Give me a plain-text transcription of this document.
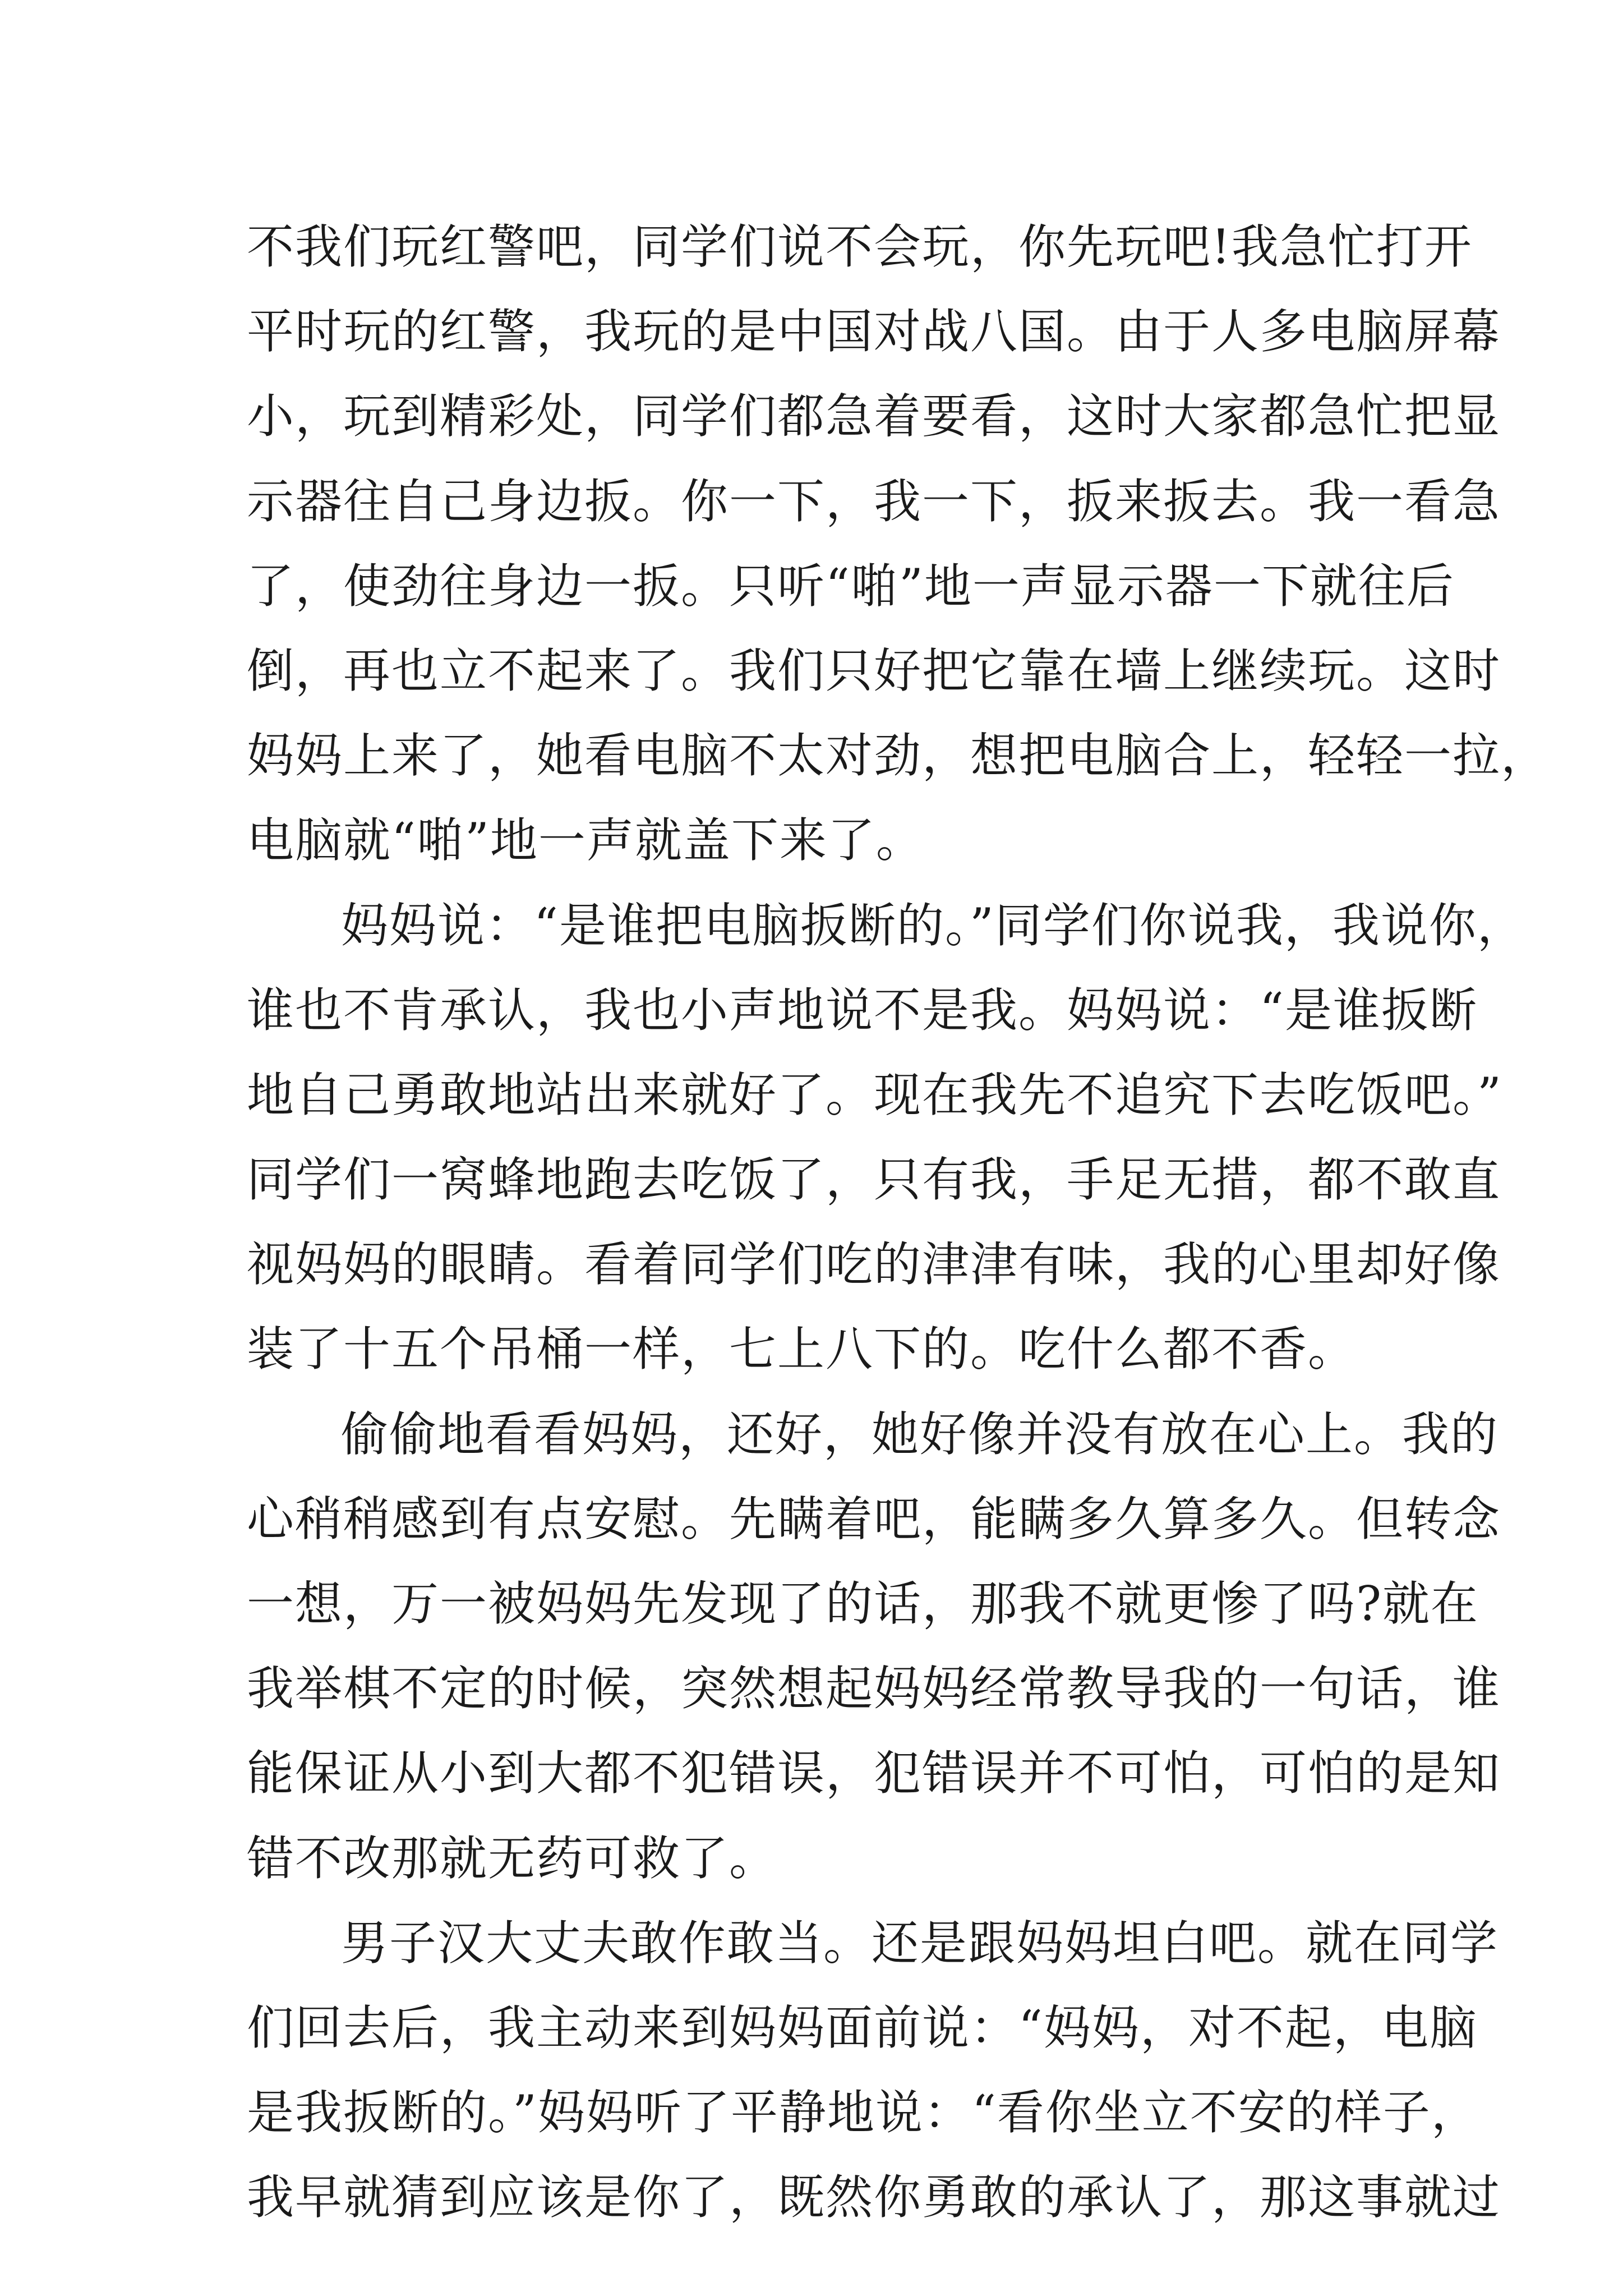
不我们玩红警吧，同学们说不会玩，你先玩吧!我急忙打开
平时玩的红警，我玩的是中国对战八国。由于人多电脑屏幕
小，玩到精彩处，同学们都急着要看，这时大家都急忙把显
示器往自己身边扳。你一下，我一下，扳来扳去。我一看急
了，使劲往身边一扳。只听“啪”地一声显示器一下就往后
倒，再也立不起来了。我们只好把它靠在墙上继续玩。这时
妈妈上来了，她看电脑不太对劲，想把电脑合上，轻轻一拉，
电脑就“啪”地一声就盖下来了。
妈妈说：“是谁把电脑扳断的。”同学们你说我，我说你，
谁也不肯承认，我也小声地说不是我。妈妈说：“是谁扳断
地自己勇敢地站出来就好了。现在我先不追究下去吃饭吧。”
同学们一窝蜂地跑去吃饭了，只有我，手足无措，都不敢直
视妈妈的眼睛。看着同学们吃的津津有味，我的心里却好像
装了十五个吊桶一样，七上八下的。吃什么都不香。
偷偷地看看妈妈，还好，她好像并没有放在心上。我的
心稍稍感到有点安慰。先瞒着吧，能瞒多久算多久。但转念
一想，万一被妈妈先发现了的话，那我不就更惨了吗?就在
我举棋不定的时候，突然想起妈妈经常教导我的一句话，谁
能保证从小到大都不犯错误，犯错误并不可怕，可怕的是知
错不改那就无药可救了。
男子汉大丈夫敢作敢当。还是跟妈妈坦白吧。就在同学
们回去后，我主动来到妈妈面前说：“妈妈，对不起，电脑
是我扳断的。”妈妈听了平静地说：“看你坐立不安的样子，
我早就猜到应该是你了，既然你勇敢的承认了，那这事就过
